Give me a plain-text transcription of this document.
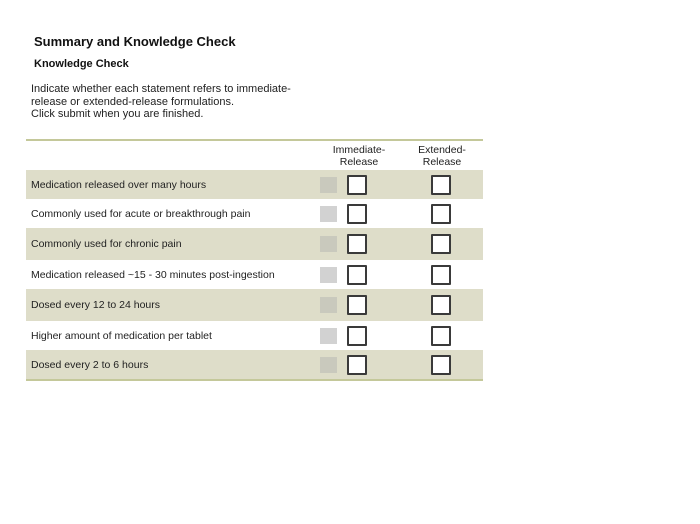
Summary and Knowledge Check
Knowledge Check
Indicate whether each statement refers to immediate-
release or extended-release formulations.
Click submit when you are finished.
Immediate-
Release
Extended-
Release
Medication released over many hours
Commonly used for acute or breakthrough pain
Commonly used for chronic pain
Medication released ~15 - 30 minutes post-ingestion
Dosed every 12 to 24 hours
Higher amount of medication per tablet
Dosed every 2 to 6 hours
